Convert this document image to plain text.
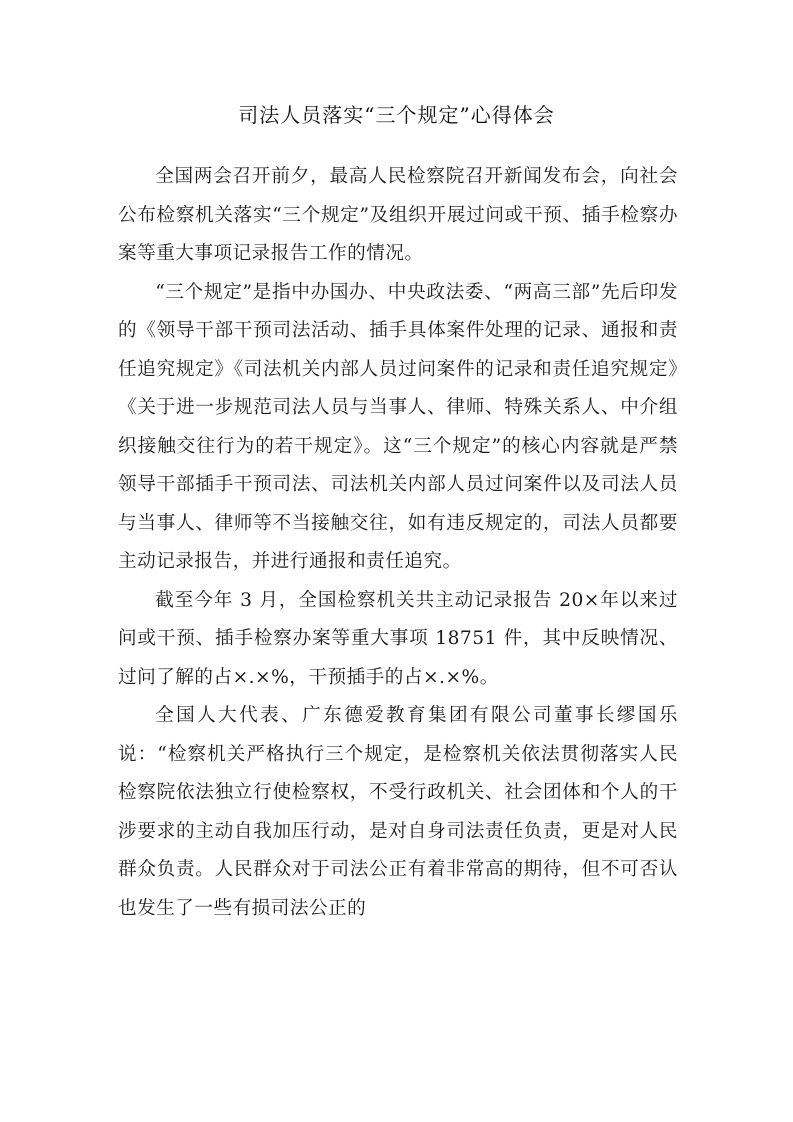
司法人员落实“三个规定”心得体会

全国两会召开前夕，最高人民检察院召开新闻发布会，向社会公布检察机关落实“三个规定”及组织开展过问或干预、插手检察办案等重大事项记录报告工作的情况。

“三个规定”是指中办国办、中央政法委、“两高三部”先后印发的《领导干部干预司法活动、插手具体案件处理的记录、通报和责任追究规定》《司法机关内部人员过问案件的记录和责任追究规定》《关于进一步规范司法人员与当事人、律师、特殊关系人、中介组织接触交往行为的若干规定》。这“三个规定”的核心内容就是严禁领导干部插手干预司法、司法机关内部人员过问案件以及司法人员与当事人、律师等不当接触交往，如有违反规定的，司法人员都要主动记录报告，并进行通报和责任追究。

截至今年 3 月，全国检察机关共主动记录报告 20×年以来过问或干预、插手检察办案等重大事项 18751 件，其中反映情况、过问了解的占×.×%，干预插手的占×.×%。

全国人大代表、广东德爱教育集团有限公司董事长缪国乐说：“检察机关严格执行三个规定，是检察机关依法贯彻落实人民检察院依法独立行使检察权，不受行政机关、社会团体和个人的干涉要求的主动自我加压行动，是对自身司法责任负责，更是对人民群众负责。人民群众对于司法公正有着非常高的期待，但不可否认也发生了一些有损司法公正的
